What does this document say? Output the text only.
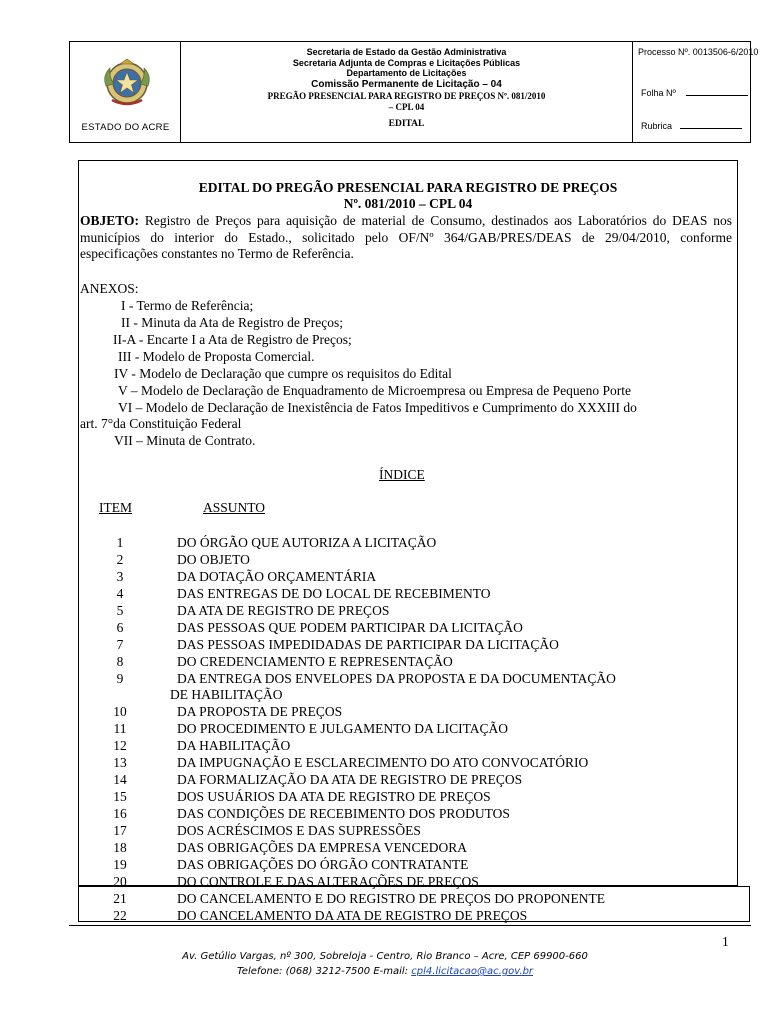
ESTADO DO ACRE
Secretaria de Estado da Gestão Administrativa
Secretaria Adjunta de Compras e Licitações Públicas
Departamento de Licitações
Comissão Permanente de Licitação – 04
PREGÃO PRESENCIAL PARA REGISTRO DE PREÇOS Nº. 081/2010
– CPL 04
EDITAL
Processo Nº. 0013506-6/2010
Folha Nº
Rubrica
EDITAL DO PREGÃO PRESENCIAL PARA REGISTRO DE PREÇOS
Nº. 081/2010 – CPL 04
OBJETO: Registro de Preços para aquisição de material de Consumo, destinados aos Laboratórios do DEAS nos municípios do interior do Estado., solicitado pelo OF/Nº 364/GAB/PRES/DEAS de 29/04/2010, conforme especificações constantes no Termo de Referência.
ANEXOS:
I - Termo de Referência;
II - Minuta da Ata de Registro de Preços;
II-A - Encarte I a Ata de Registro de Preços;
III - Modelo de Proposta Comercial.
IV - Modelo de Declaração que cumpre os requisitos do Edital
V – Modelo de Declaração de Enquadramento de Microempresa ou Empresa de Pequeno Porte
VI – Modelo de Declaração de Inexistência de Fatos Impeditivos e Cumprimento do XXXIII do
art. 7°da Constituição Federal
VII – Minuta de Contrato.
ÍNDICE
ITEM	ASSUNTO
1	DO ÓRGÃO QUE AUTORIZA A LICITAÇÃO
2	DO OBJETO
3	DA DOTAÇÃO ORÇAMENTÁRIA
4	DAS ENTREGAS DE DO LOCAL DE RECEBIMENTO
5	DA ATA DE REGISTRO DE PREÇOS
6	DAS PESSOAS QUE PODEM PARTICIPAR DA LICITAÇÃO
7	DAS PESSOAS IMPEDIDADAS DE PARTICIPAR DA LICITAÇÃO
8	DO CREDENCIAMENTO E REPRESENTAÇÃO
9	DA ENTREGA DOS ENVELOPES DA PROPOSTA E DA DOCUMENTAÇÃO
DE HABILITAÇÃO
10	DA PROPOSTA DE PREÇOS
11	DO PROCEDIMENTO E JULGAMENTO DA LICITAÇÃO
12	DA HABILITAÇÃO
13	DA IMPUGNAÇÃO E ESCLARECIMENTO DO ATO CONVOCATÓRIO
14	DA FORMALIZAÇÃO DA ATA DE REGISTRO DE PREÇOS
15	DOS USUÁRIOS DA ATA DE REGISTRO DE PREÇOS
16	DAS CONDIÇÕES DE RECEBIMENTO DOS PRODUTOS
17	DOS ACRÉSCIMOS E DAS SUPRESSÕES
18	DAS OBRIGAÇÕES DA EMPRESA VENCEDORA
19	DAS OBRIGAÇÕES DO ÓRGÃO CONTRATANTE
20	DO CONTROLE E DAS ALTERAÇÕES DE PREÇOS
21	DO CANCELAMENTO E DO REGISTRO DE PREÇOS DO PROPONENTE
22	DO CANCELAMENTO DA ATA DE REGISTRO DE PREÇOS
1
Av. Getúlio Vargas, nº 300, Sobreloja - Centro, Rio Branco – Acre, CEP 69900-660
Telefone: (068) 3212-7500 E-mail: cpl4.licitacao@ac.gov.br
